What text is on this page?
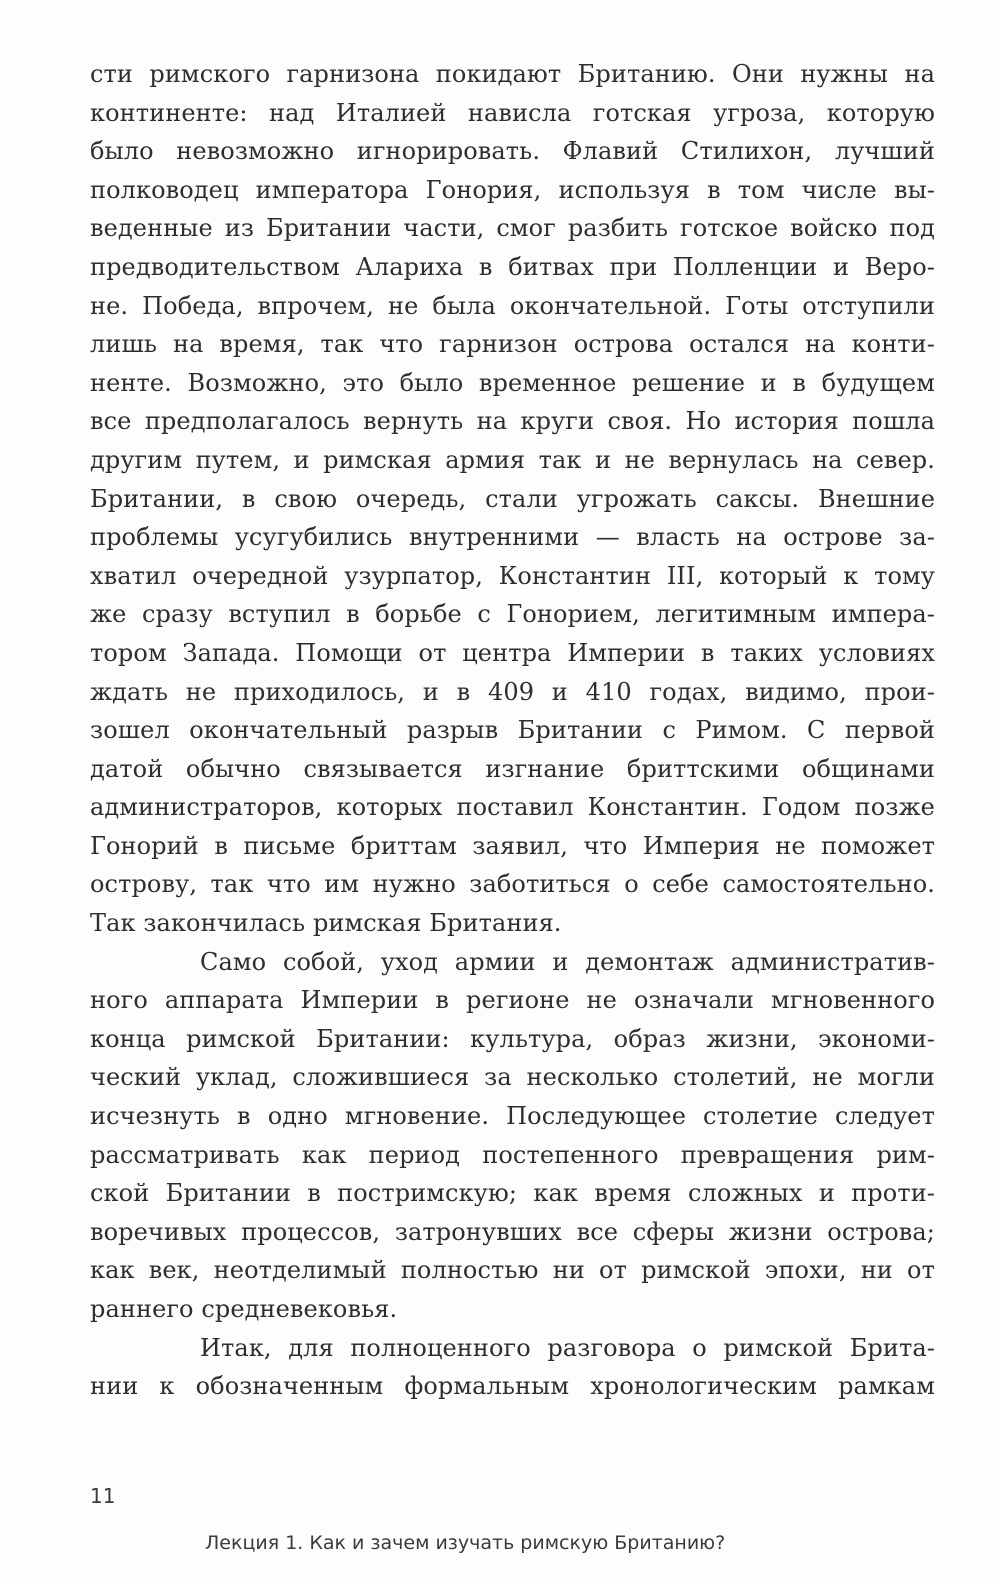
сти римского гарнизона покидают Британию. Они нужны на
континенте: над Италией нависла готская угроза, которую
было невозможно игнорировать. Флавий Стилихон, лучший
полководец императора Гонория, используя в том числе вы-
веденные из Британии части, смог разбить готское войско под
предводительством Алариха в битвах при Полленции и Веро-
не. Победа, впрочем, не была окончательной. Готы отступили
лишь на время, так что гарнизон острова остался на конти-
ненте. Возможно, это было временное решение и в будущем
все предполагалось вернуть на круги своя. Но история пошла
другим путем, и римская армия так и не вернулась на север.
Британии, в свою очередь, стали угрожать саксы. Внешние
проблемы усугубились внутренними — власть на острове за-
хватил очередной узурпатор, Константин III, который к тому
же сразу вступил в борьбе с Гонорием, легитимным импера-
тором Запада. Помощи от центра Империи в таких условиях
ждать не приходилось, и в 409 и 410 годах, видимо, прои-
зошел окончательный разрыв Британии с Римом. С первой
датой обычно связывается изгнание бриттскими общинами
администраторов, которых поставил Константин. Годом позже
Гонорий в письме бриттам заявил, что Империя не поможет
острову, так что им нужно заботиться о себе самостоятельно.
Так закончилась римская Британия.
Само собой, уход армии и демонтаж административ-
ного аппарата Империи в регионе не означали мгновенного
конца римской Британии: культура, образ жизни, экономи-
ческий уклад, сложившиеся за несколько столетий, не могли
исчезнуть в одно мгновение. Последующее столетие следует
рассматривать как период постепенного превращения рим-
ской Британии в постримскую; как время сложных и проти-
воречивых процессов, затронувших все сферы жизни острова;
как век, неотделимый полностью ни от римской эпохи, ни от
раннего средневековья.
Итак, для полноценного разговора о римской Брита-
нии к обозначенным формальным хронологическим рамкам
11
Лекция 1. Как и зачем изучать римскую Британию?
